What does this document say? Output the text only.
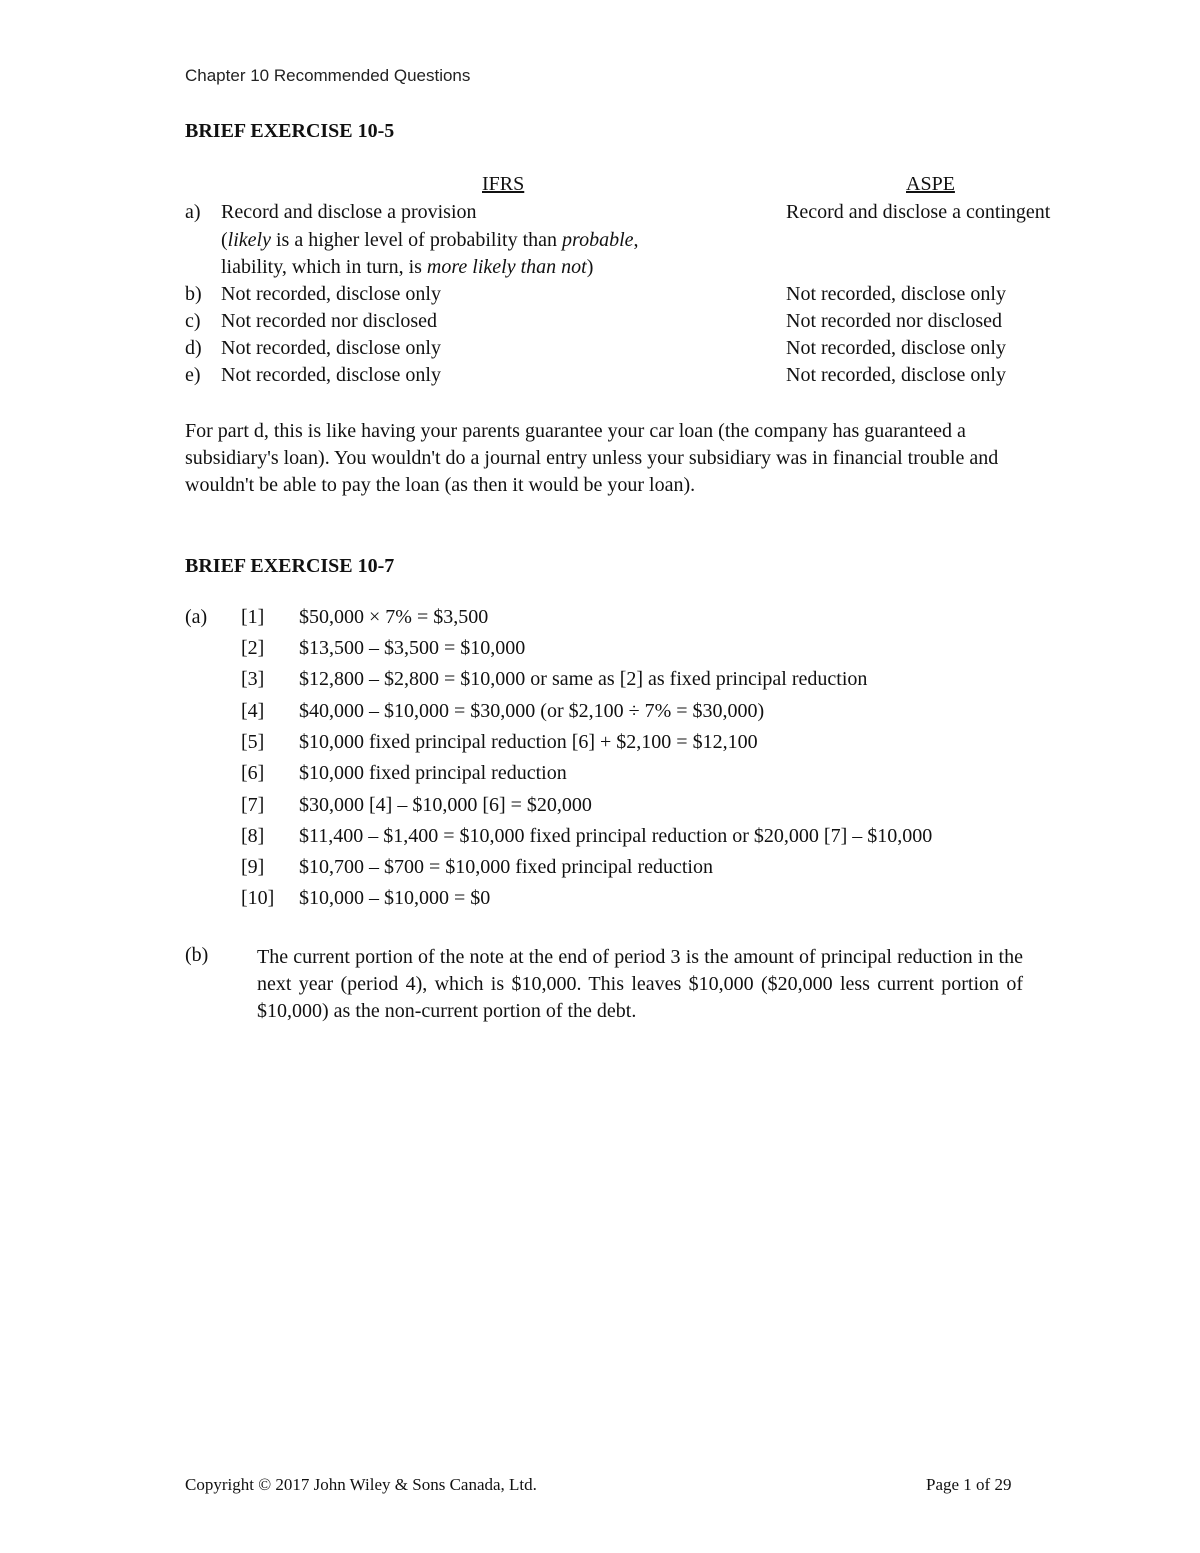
Chapter 10 Recommended Questions
BRIEF EXERCISE 10-5
IFRS	ASPE
a) Record and disclose a provision	Record and disclose a contingent
(likely is a higher level of probability than probable,
liability, which in turn, is more likely than not)
b) Not recorded, disclose only	Not recorded, disclose only
c) Not recorded nor disclosed	Not recorded nor disclosed
d) Not recorded, disclose only	Not recorded, disclose only
e) Not recorded, disclose only	Not recorded, disclose only
For part d, this is like having your parents guarantee your car loan (the company has guaranteed a subsidiary's loan). You wouldn't do a journal entry unless your subsidiary was in financial trouble and wouldn't be able to pay the loan (as then it would be your loan).
BRIEF EXERCISE 10-7
(a) [1] $50,000 × 7% = $3,500
[2] $13,500 – $3,500 = $10,000
[3] $12,800 – $2,800 = $10,000 or same as [2] as fixed principal reduction
[4] $40,000 – $10,000 = $30,000 (or $2,100 ÷ 7% = $30,000)
[5] $10,000 fixed principal reduction [6] + $2,100 = $12,100
[6] $10,000 fixed principal reduction
[7] $30,000 [4] – $10,000 [6] = $20,000
[8] $11,400 – $1,400 = $10,000 fixed principal reduction or $20,000 [7] – $10,000
[9] $10,700 – $700 = $10,000 fixed principal reduction
[10] $10,000 – $10,000 = $0
(b) The current portion of the note at the end of period 3 is the amount of principal reduction in the next year (period 4), which is $10,000. This leaves $10,000 ($20,000 less current portion of $10,000) as the non-current portion of the debt.
Copyright © 2017 John Wiley & Sons Canada, Ltd.	Page 1 of 29
